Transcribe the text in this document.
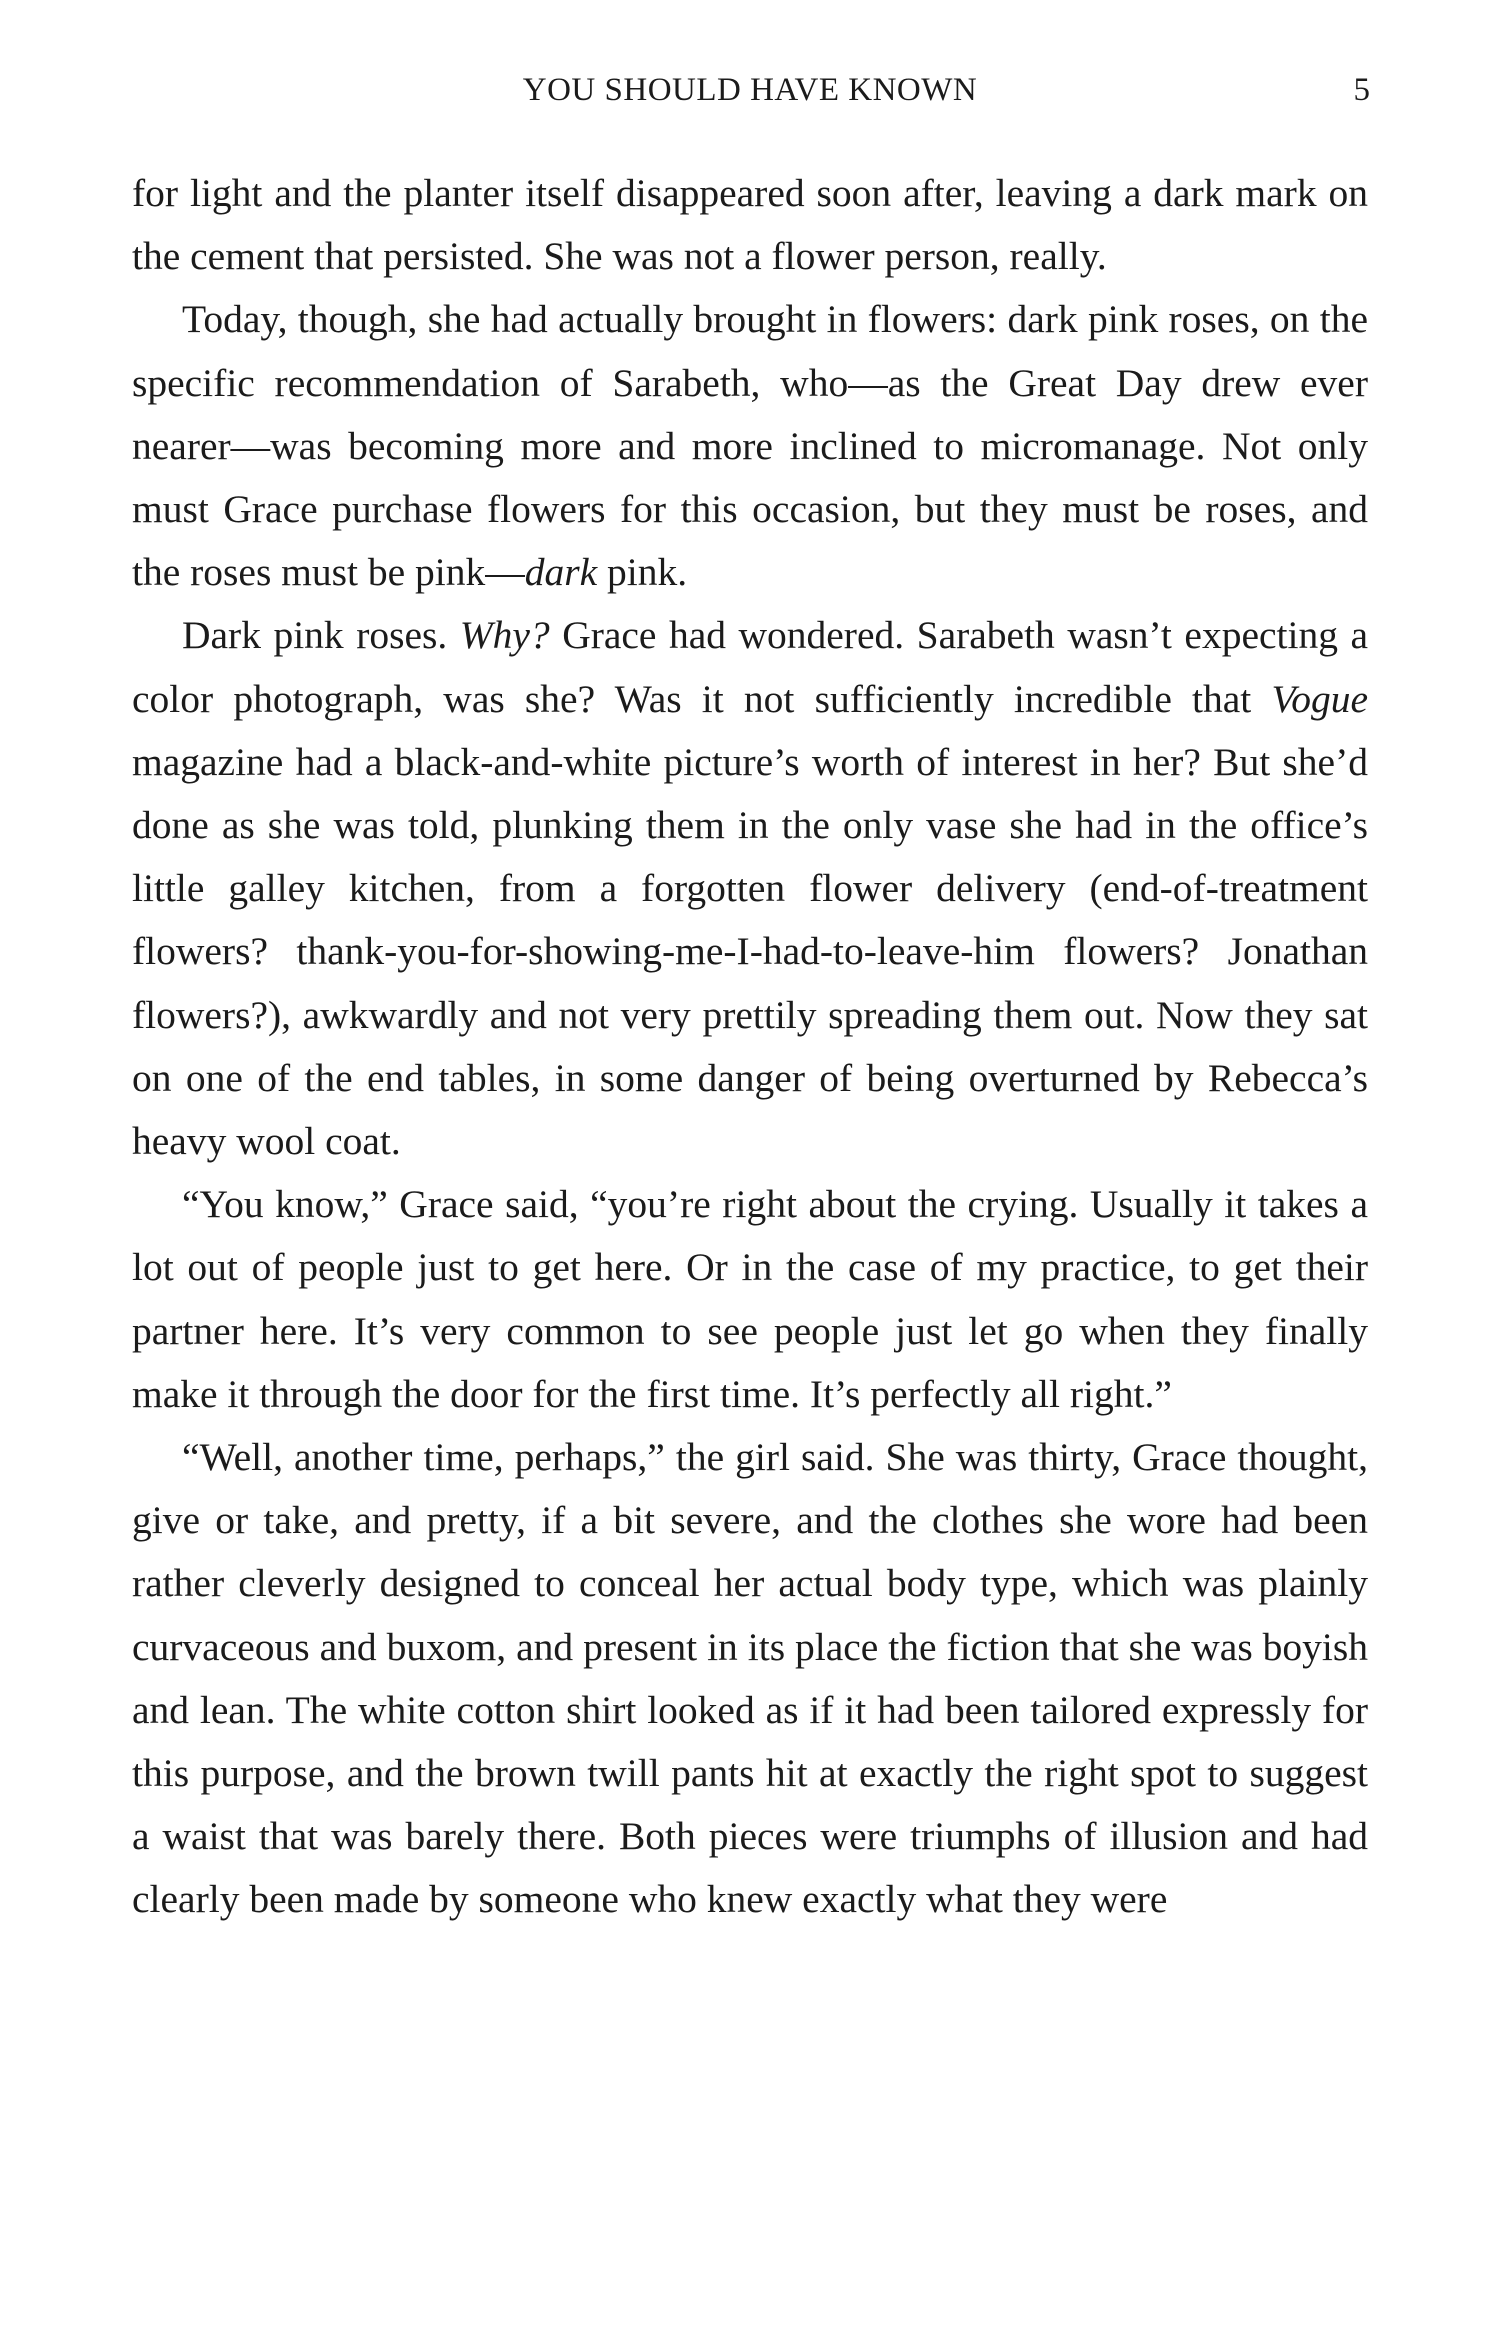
YOU SHOULD HAVE KNOWN	5

for light and the planter itself disappeared soon after, leaving a dark mark on the cement that persisted. She was not a flower person, really.

Today, though, she had actually brought in flowers: dark pink roses, on the specific recommendation of Sarabeth, who—as the Great Day drew ever nearer—was becoming more and more inclined to micromanage. Not only must Grace purchase flowers for this occasion, but they must be roses, and the roses must be pink—dark pink.

Dark pink roses. Why? Grace had wondered. Sarabeth wasn’t expecting a color photograph, was she? Was it not sufficiently incredible that Vogue magazine had a black-and-white picture’s worth of interest in her? But she’d done as she was told, plunking them in the only vase she had in the office’s little galley kitchen, from a forgotten flower delivery (end-of-treatment flowers? thank-you-for-showing-me-I-had-to-leave-him flowers? Jonathan flowers?), awkwardly and not very prettily spreading them out. Now they sat on one of the end tables, in some danger of being overturned by Rebecca’s heavy wool coat.

“You know,” Grace said, “you’re right about the crying. Usually it takes a lot out of people just to get here. Or in the case of my practice, to get their partner here. It’s very common to see people just let go when they finally make it through the door for the first time. It’s perfectly all right.”

“Well, another time, perhaps,” the girl said. She was thirty, Grace thought, give or take, and pretty, if a bit severe, and the clothes she wore had been rather cleverly designed to conceal her actual body type, which was plainly curvaceous and buxom, and present in its place the fiction that she was boyish and lean. The white cotton shirt looked as if it had been tailored expressly for this purpose, and the brown twill pants hit at exactly the right spot to suggest a waist that was barely there. Both pieces were triumphs of illusion and had clearly been made by someone who knew exactly what they were
